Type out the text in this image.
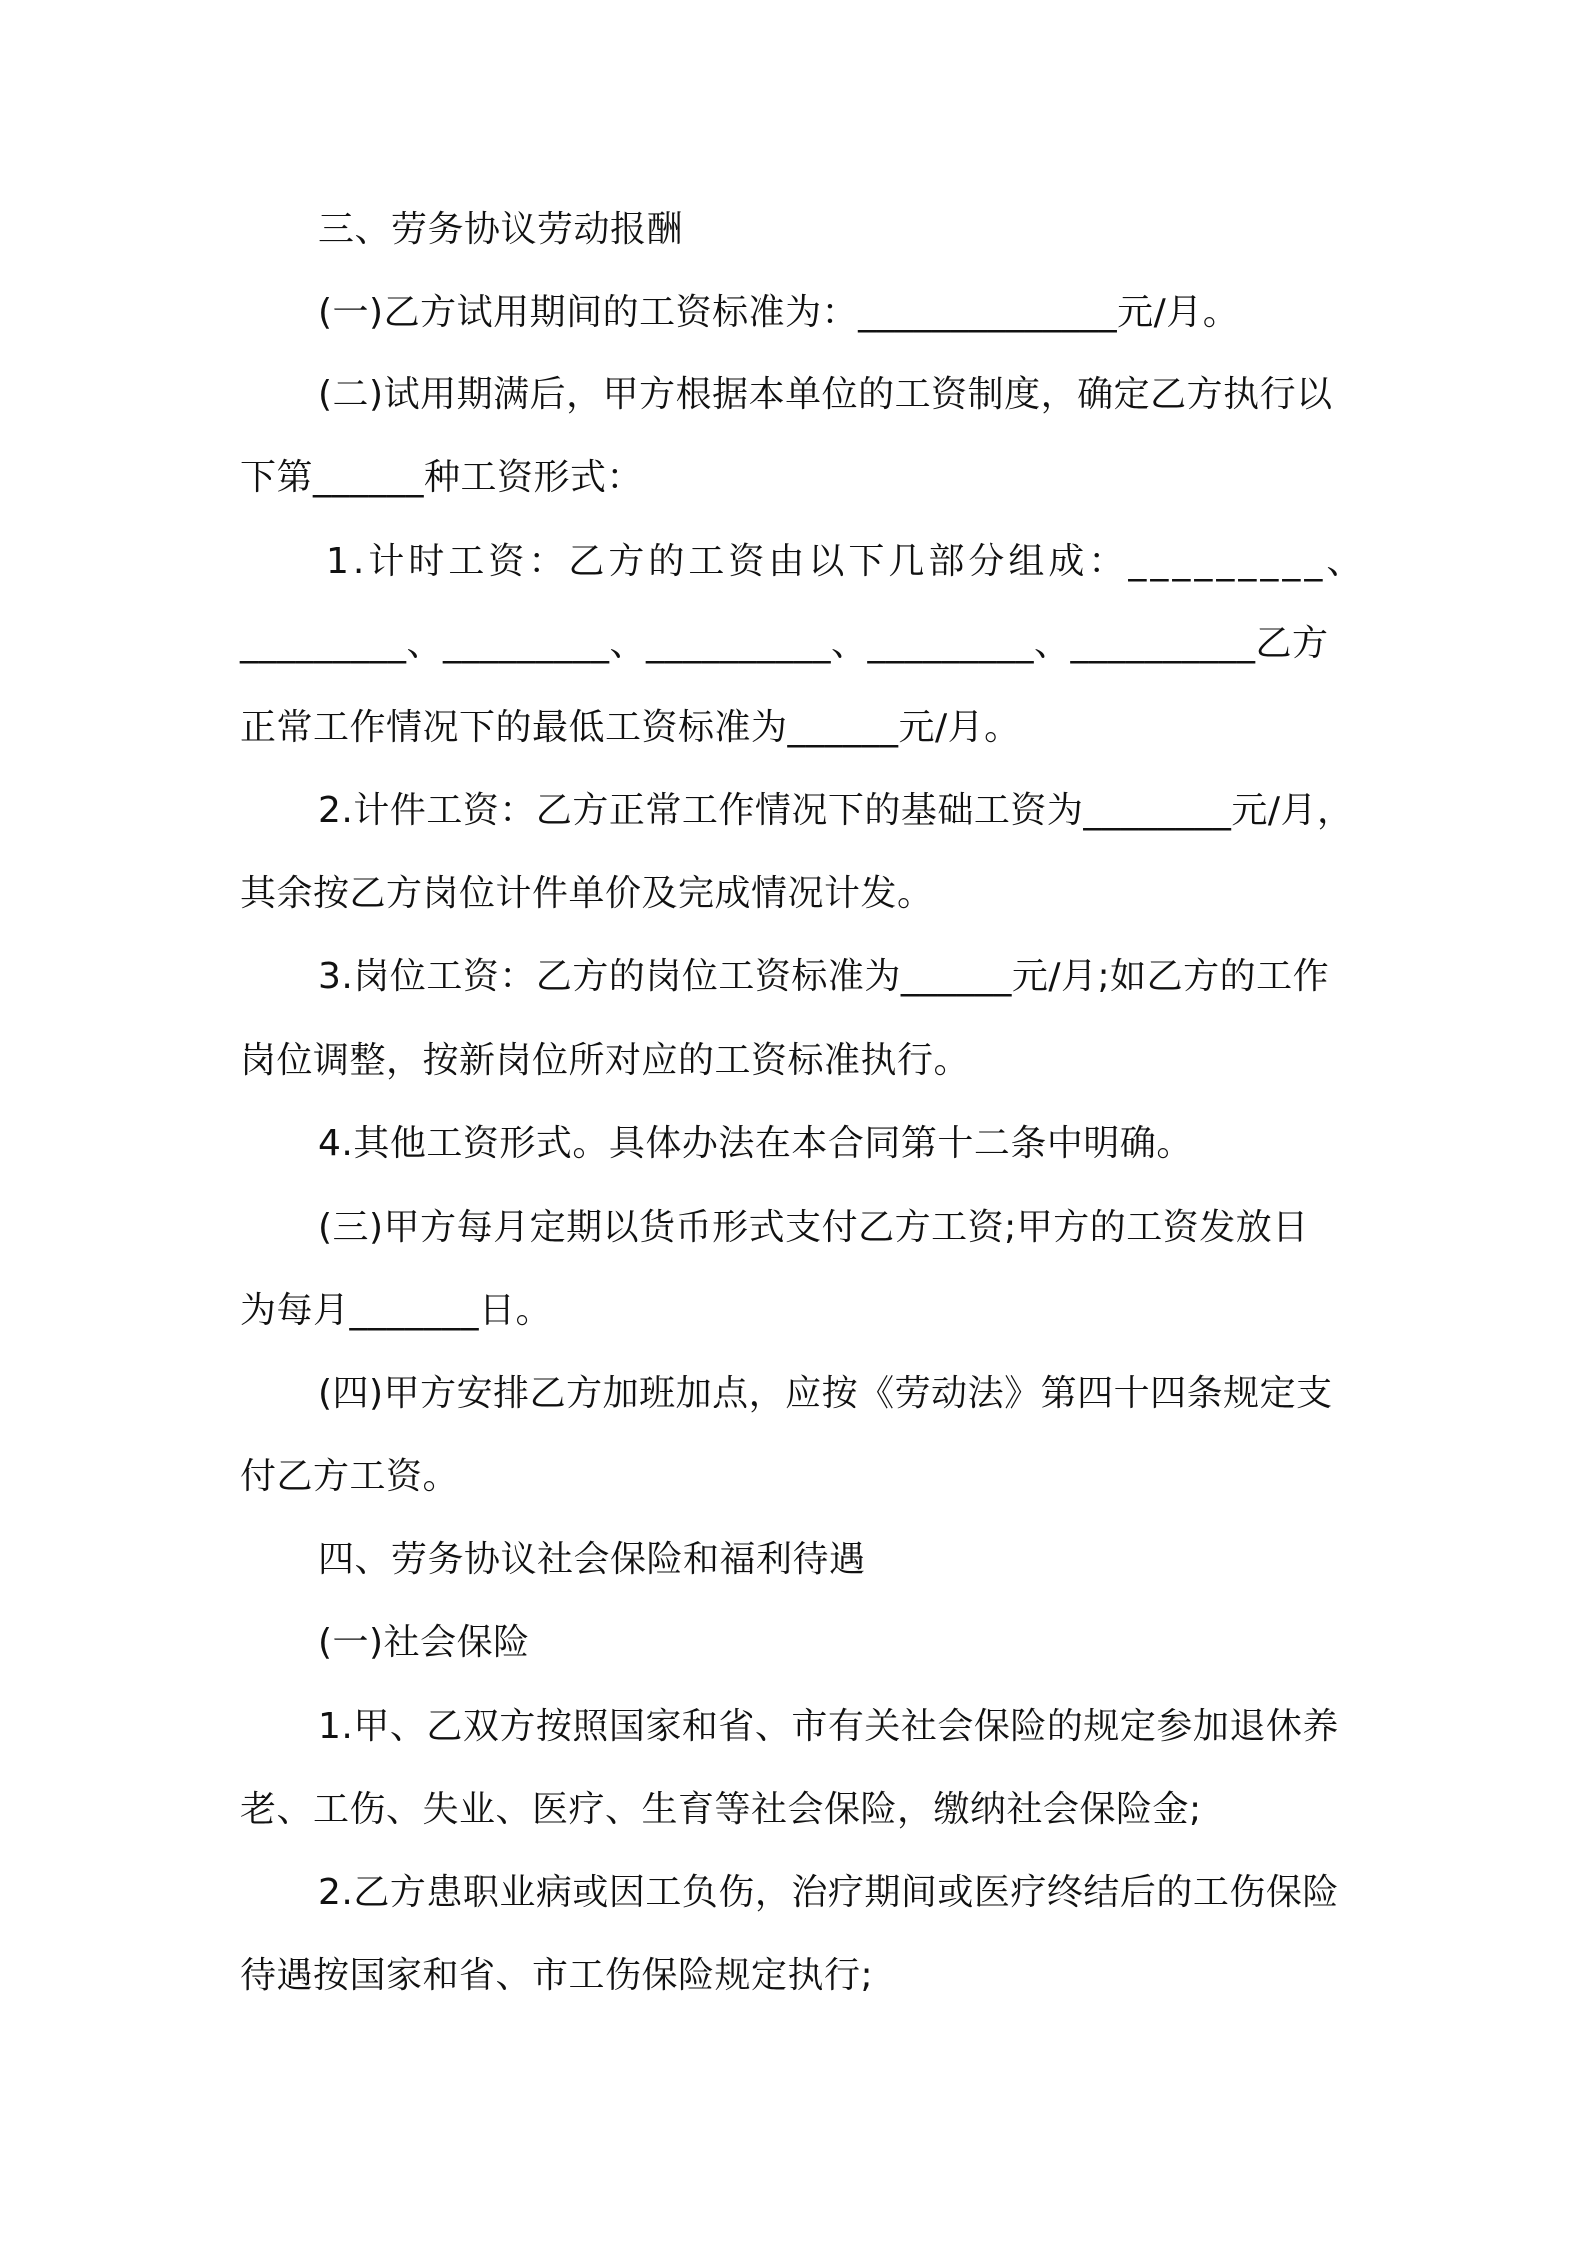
三、劳务协议劳动报酬
(一)乙方试用期间的工资标准为：______________元/月。
(二)试用期满后，甲方根据本单位的工资制度，确定乙方执行以
下第______种工资形式：
1.计时工资：乙方的工资由以下几部分组成：_________、
_________、_________、__________、_________、__________乙方
正常工作情况下的最低工资标准为______元/月。
2.计件工资：乙方正常工作情况下的基础工资为________元/月，
其余按乙方岗位计件单价及完成情况计发。
3.岗位工资：乙方的岗位工资标准为______元/月;如乙方的工作
岗位调整，按新岗位所对应的工资标准执行。
4.其他工资形式。具体办法在本合同第十二条中明确。
(三)甲方每月定期以货币形式支付乙方工资;甲方的工资发放日
为每月_______日。
(四)甲方安排乙方加班加点，应按《劳动法》第四十四条规定支
付乙方工资。
四、劳务协议社会保险和福利待遇
(一)社会保险
1.甲、乙双方按照国家和省、市有关社会保险的规定参加退休养
老、工伤、失业、医疗、生育等社会保险，缴纳社会保险金;
2.乙方患职业病或因工负伤，治疗期间或医疗终结后的工伤保险
待遇按国家和省、市工伤保险规定执行;
